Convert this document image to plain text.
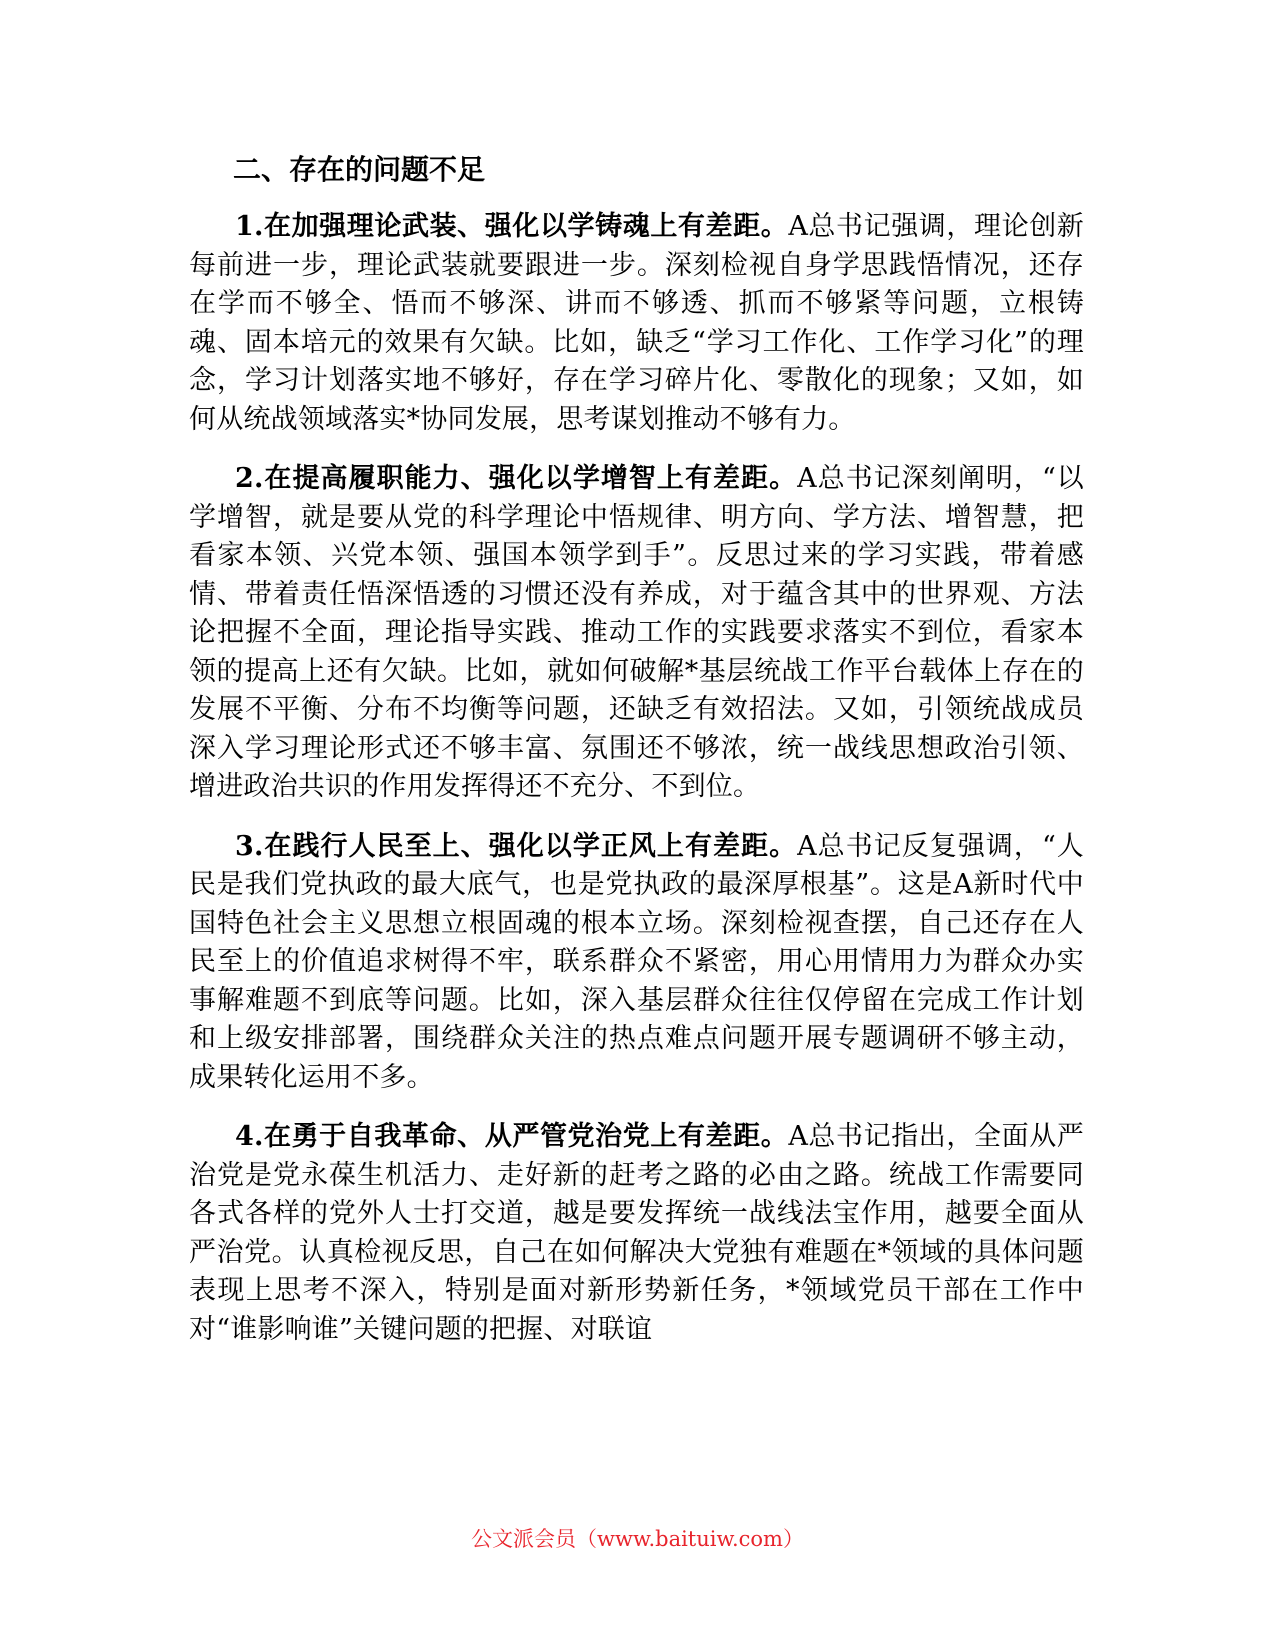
二、存在的问题不足

1.在加强理论武装、强化以学铸魂上有差距。A总书记强调，理论创新每前进一步，理论武装就要跟进一步。深刻检视自身学思践悟情况，还存在学而不够全、悟而不够深、讲而不够透、抓而不够紧等问题，立根铸魂、固本培元的效果有欠缺。比如，缺乏“学习工作化、工作学习化”的理念，学习计划落实地不够好，存在学习碎片化、零散化的现象；又如，如何从统战领域落实*协同发展，思考谋划推动不够有力。

2.在提高履职能力、强化以学增智上有差距。A总书记深刻阐明，“以学增智，就是要从党的科学理论中悟规律、明方向、学方法、增智慧，把看家本领、兴党本领、强国本领学到手”。反思过来的学习实践，带着感情、带着责任悟深悟透的习惯还没有养成，对于蕴含其中的世界观、方法论把握不全面，理论指导实践、推动工作的实践要求落实不到位，看家本领的提高上还有欠缺。比如，就如何破解*基层统战工作平台载体上存在的发展不平衡、分布不均衡等问题，还缺乏有效招法。又如，引领统战成员深入学习理论形式还不够丰富、氛围还不够浓，统一战线思想政治引领、增进政治共识的作用发挥得还不充分、不到位。

3.在践行人民至上、强化以学正风上有差距。A总书记反复强调，“人民是我们党执政的最大底气，也是党执政的最深厚根基”。这是A新时代中国特色社会主义思想立根固魂的根本立场。深刻检视查摆，自己还存在人民至上的价值追求树得不牢，联系群众不紧密，用心用情用力为群众办实事解难题不到底等问题。比如，深入基层群众往往仅停留在完成工作计划和上级安排部署，围绕群众关注的热点难点问题开展专题调研不够主动，成果转化运用不多。

4.在勇于自我革命、从严管党治党上有差距。A总书记指出，全面从严治党是党永葆生机活力、走好新的赶考之路的必由之路。统战工作需要同各式各样的党外人士打交道，越是要发挥统一战线法宝作用，越要全面从严治党。认真检视反思，自己在如何解决大党独有难题在*领域的具体问题表现上思考不深入，特别是面对新形势新任务，*领域党员干部在工作中对“谁影响谁”关键问题的把握、对联谊

公文派会员（www.baituiw.com）
